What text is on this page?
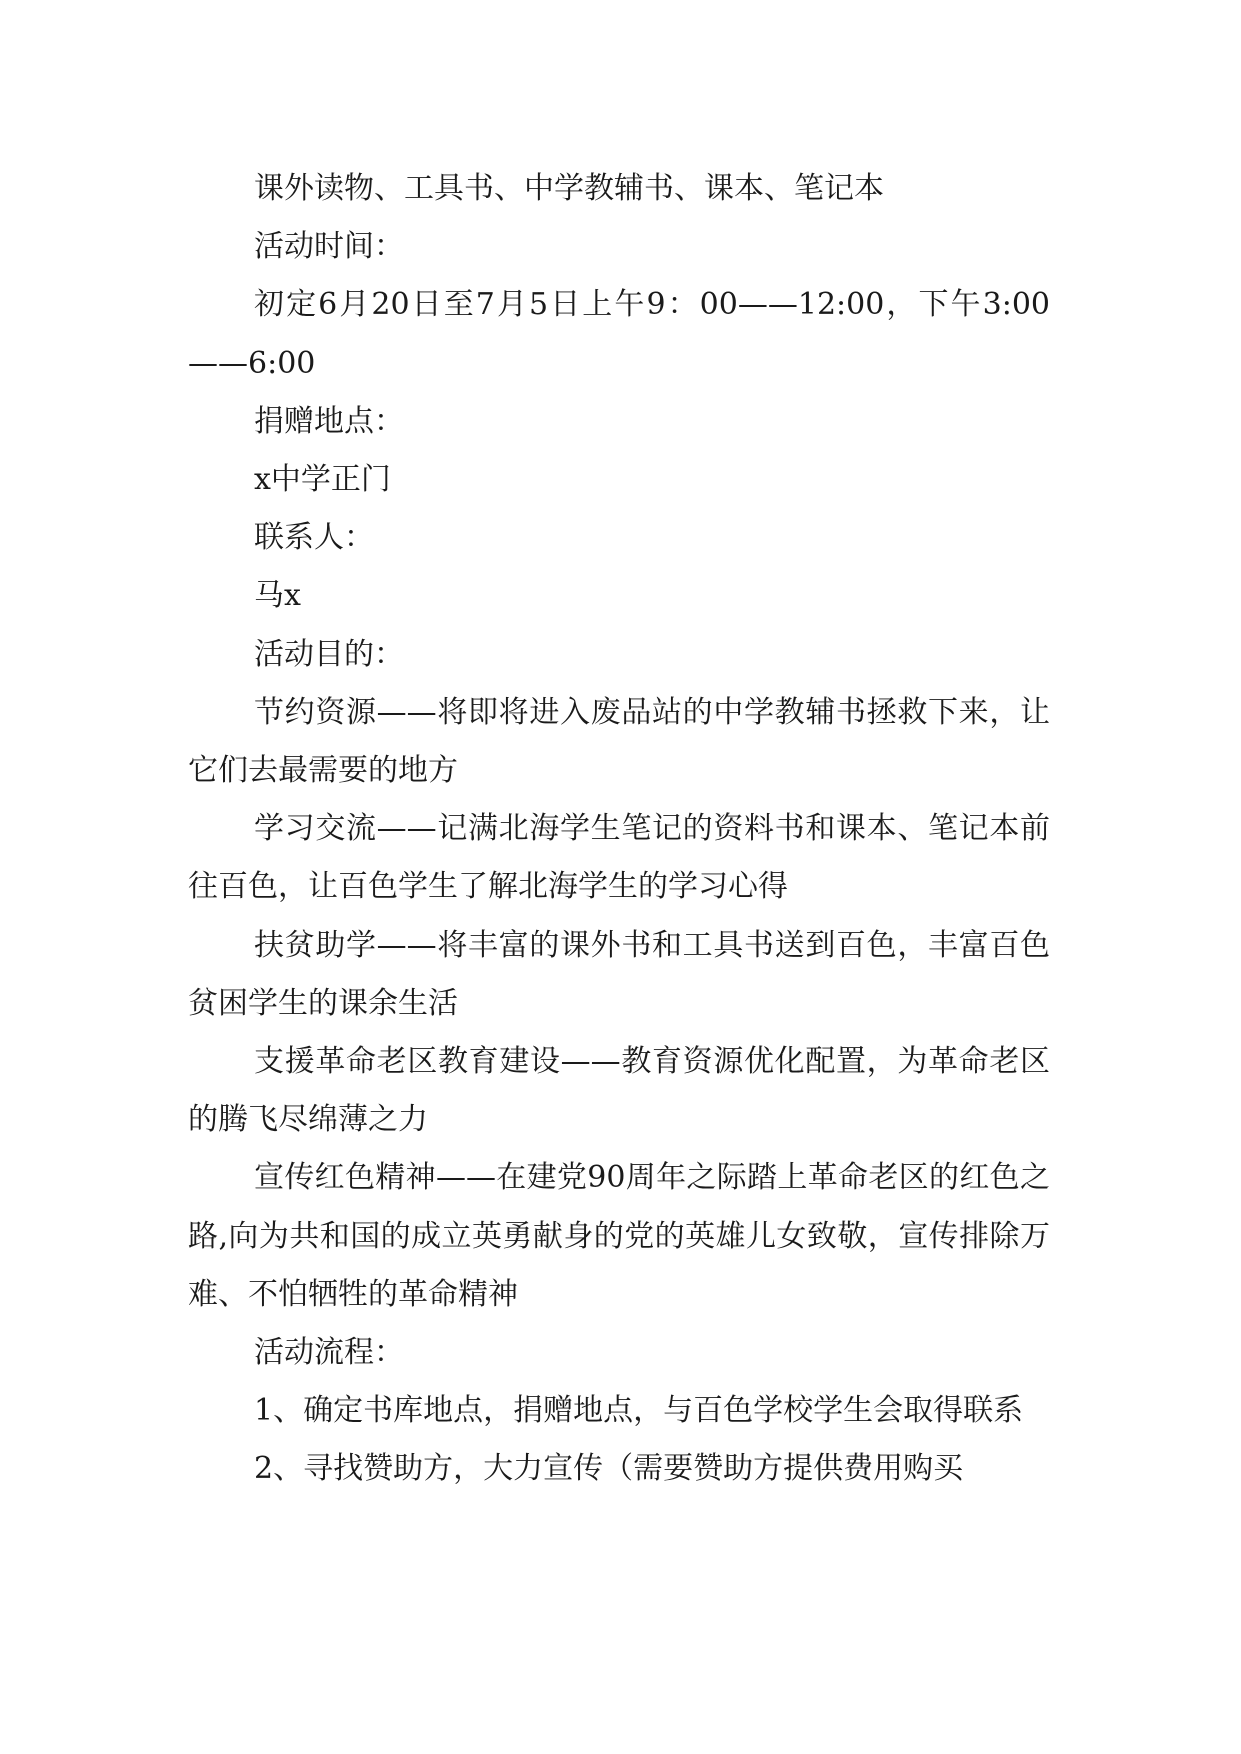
课外读物、工具书、中学教辅书、课本、笔记本

活动时间：

初定6月20日至7月5日上午9：00——12:00，下午3:00——6:00

捐赠地点：

x中学正门

联系人：

马x

活动目的：

节约资源——将即将进入废品站的中学教辅书拯救下来，让它们去最需要的地方

学习交流——记满北海学生笔记的资料书和课本、笔记本前往百色，让百色学生了解北海学生的学习心得

扶贫助学——将丰富的课外书和工具书送到百色，丰富百色贫困学生的课余生活

支援革命老区教育建设——教育资源优化配置，为革命老区的腾飞尽绵薄之力

宣传红色精神——在建党90周年之际踏上革命老区的红色之路,向为共和国的成立英勇献身的党的英雄儿女致敬，宣传排除万难、不怕牺牲的革命精神

活动流程：

1、确定书库地点，捐赠地点，与百色学校学生会取得联系

2、寻找赞助方，大力宣传（需要赞助方提供费用购买
